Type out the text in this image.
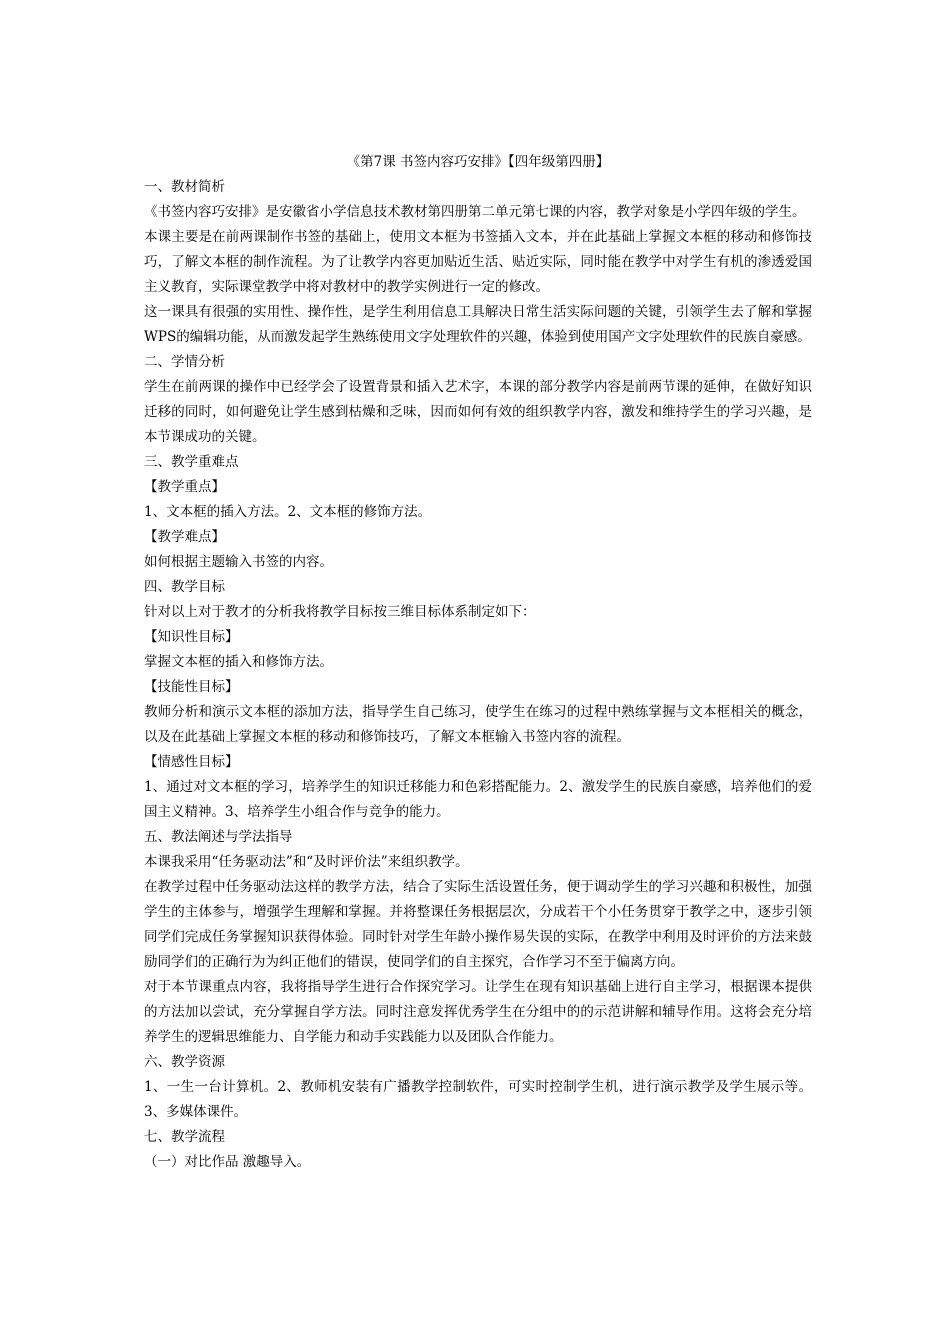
《第7课 书签内容巧安排》【四年级第四册】

一、教材简析

《书签内容巧安排》是安徽省小学信息技术教材第四册第二单元第七课的内容，教学对象是小学四年级的学生。

本课主要是在前两课制作书签的基础上，使用文本框为书签插入文本，并在此基础上掌握文本框的移动和修饰技巧，了解文本框的制作流程。为了让教学内容更加贴近生活、贴近实际，同时能在教学中对学生有机的渗透爱国主义教育，实际课堂教学中将对教材中的教学实例进行一定的修改。

这一课具有很强的实用性、操作性，是学生利用信息工具解决日常生活实际问题的关键，引领学生去了解和掌握WPS的编辑功能，从而激发起学生熟练使用文字处理软件的兴趣，体验到使用国产文字处理软件的民族自豪感。

二、学情分析

学生在前两课的操作中已经学会了设置背景和插入艺术字，本课的部分教学内容是前两节课的延伸，在做好知识迁移的同时，如何避免让学生感到枯燥和乏味，因而如何有效的组织教学内容，激发和维持学生的学习兴趣，是本节课成功的关键。

三、教学重难点

【教学重点】

1、文本框的插入方法。2、文本框的修饰方法。

【教学难点】

如何根据主题输入书签的内容。

四、教学目标

针对以上对于教才的分析我将教学目标按三维目标体系制定如下：

【知识性目标】

掌握文本框的插入和修饰方法。

【技能性目标】

教师分析和演示文本框的添加方法，指导学生自己练习，使学生在练习的过程中熟练掌握与文本框相关的概念，以及在此基础上掌握文本框的移动和修饰技巧，了解文本框输入书签内容的流程。

【情感性目标】

1、通过对文本框的学习，培养学生的知识迁移能力和色彩搭配能力。2、激发学生的民族自豪感，培养他们的爱国主义精神。3、培养学生小组合作与竞争的能力。

五、教法阐述与学法指导

本课我采用“任务驱动法”和“及时评价法”来组织教学。

在教学过程中任务驱动法这样的教学方法，结合了实际生活设置任务，便于调动学生的学习兴趣和积极性，加强学生的主体参与，增强学生理解和掌握。并将整课任务根据层次，分成若干个小任务贯穿于教学之中，逐步引领同学们完成任务掌握知识获得体验。同时针对学生年龄小操作易失误的实际，在教学中利用及时评价的方法来鼓励同学们的正确行为为纠正他们的错误，使同学们的自主探究，合作学习不至于偏离方向。

对于本节课重点内容，我将指导学生进行合作探究学习。让学生在现有知识基础上进行自主学习，根据课本提供的方法加以尝试，充分掌握自学方法。同时注意发挥优秀学生在分组中的的示范讲解和辅导作用。这将会充分培养学生的逻辑思维能力、自学能力和动手实践能力以及团队合作能力。

六、教学资源

1、一生一台计算机。2、教师机安装有广播教学控制软件，可实时控制学生机，进行演示教学及学生展示等。3、多媒体课件。

七、教学流程

（一）对比作品 激趣导入。
